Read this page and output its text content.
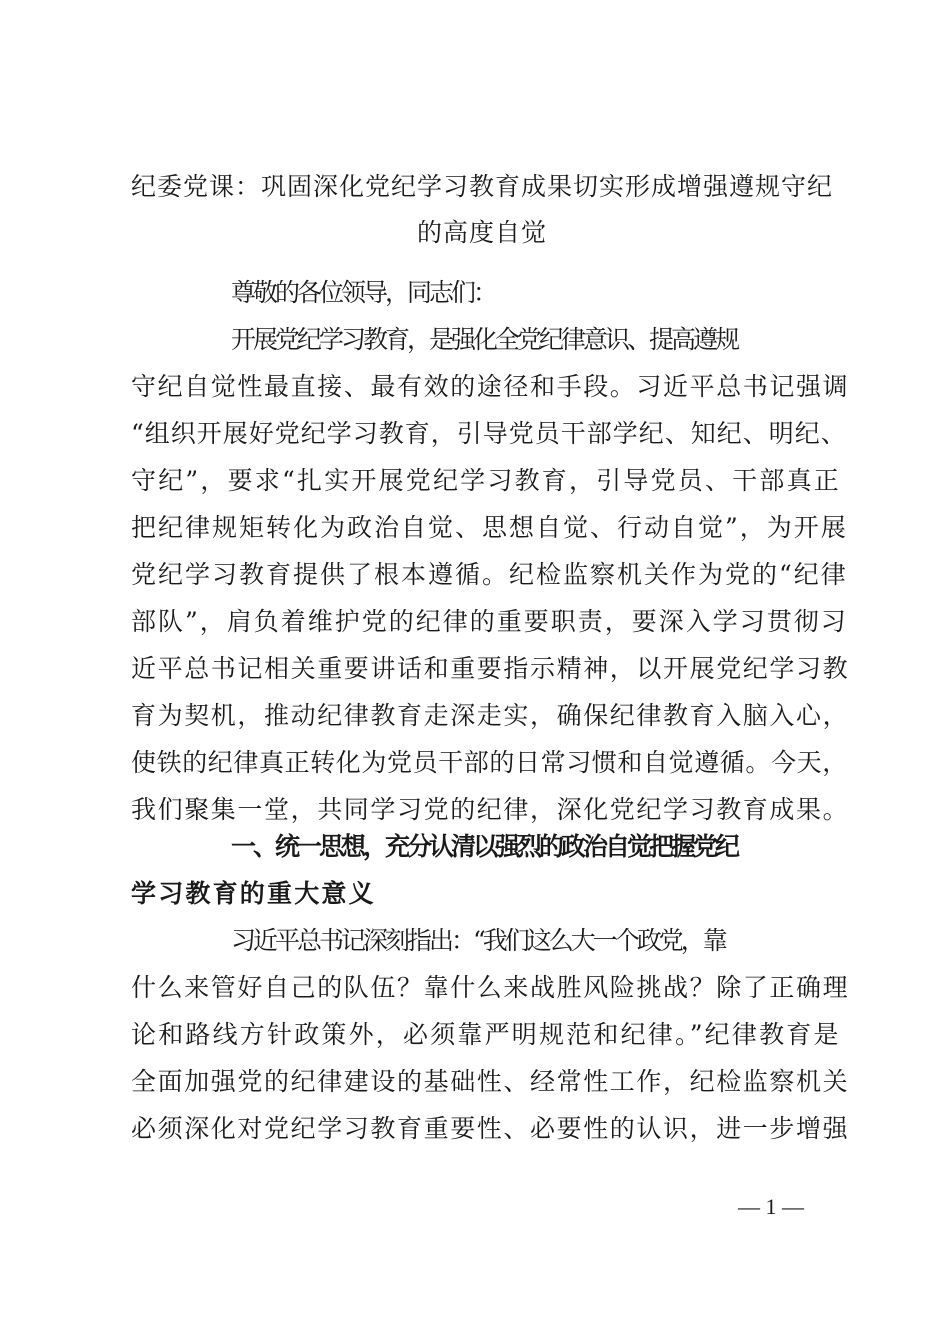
纪委党课：巩固深化党纪学习教育成果切实形成增强遵规守纪
的高度自觉
尊敬的各位领导，同志们：
开展党纪学习教育，是强化全党纪律意识、提高遵规
守纪自觉性最直接、最有效的途径和手段。习近平总书记强调
“组织开展好党纪学习教育，引导党员干部学纪、知纪、明纪、
守纪”，要求“扎实开展党纪学习教育，引导党员、干部真正
把纪律规矩转化为政治自觉、思想自觉、行动自觉”，为开展
党纪学习教育提供了根本遵循。纪检监察机关作为党的“纪律
部队”，肩负着维护党的纪律的重要职责，要深入学习贯彻习
近平总书记相关重要讲话和重要指示精神，以开展党纪学习教
育为契机，推动纪律教育走深走实，确保纪律教育入脑入心，
使铁的纪律真正转化为党员干部的日常习惯和自觉遵循。今天，
我们聚集一堂，共同学习党的纪律，深化党纪学习教育成果。
一、统一思想，充分认清以强烈的政治自觉把握党纪
学习教育的重大意义
习近平总书记深刻指出：“我们这么大一个政党，靠
什么来管好自己的队伍？靠什么来战胜风险挑战？除了正确理
论和路线方针政策外，必须靠严明规范和纪律。”纪律教育是
全面加强党的纪律建设的基础性、经常性工作，纪检监察机关
必须深化对党纪学习教育重要性、必要性的认识，进一步增强
— 1 —
